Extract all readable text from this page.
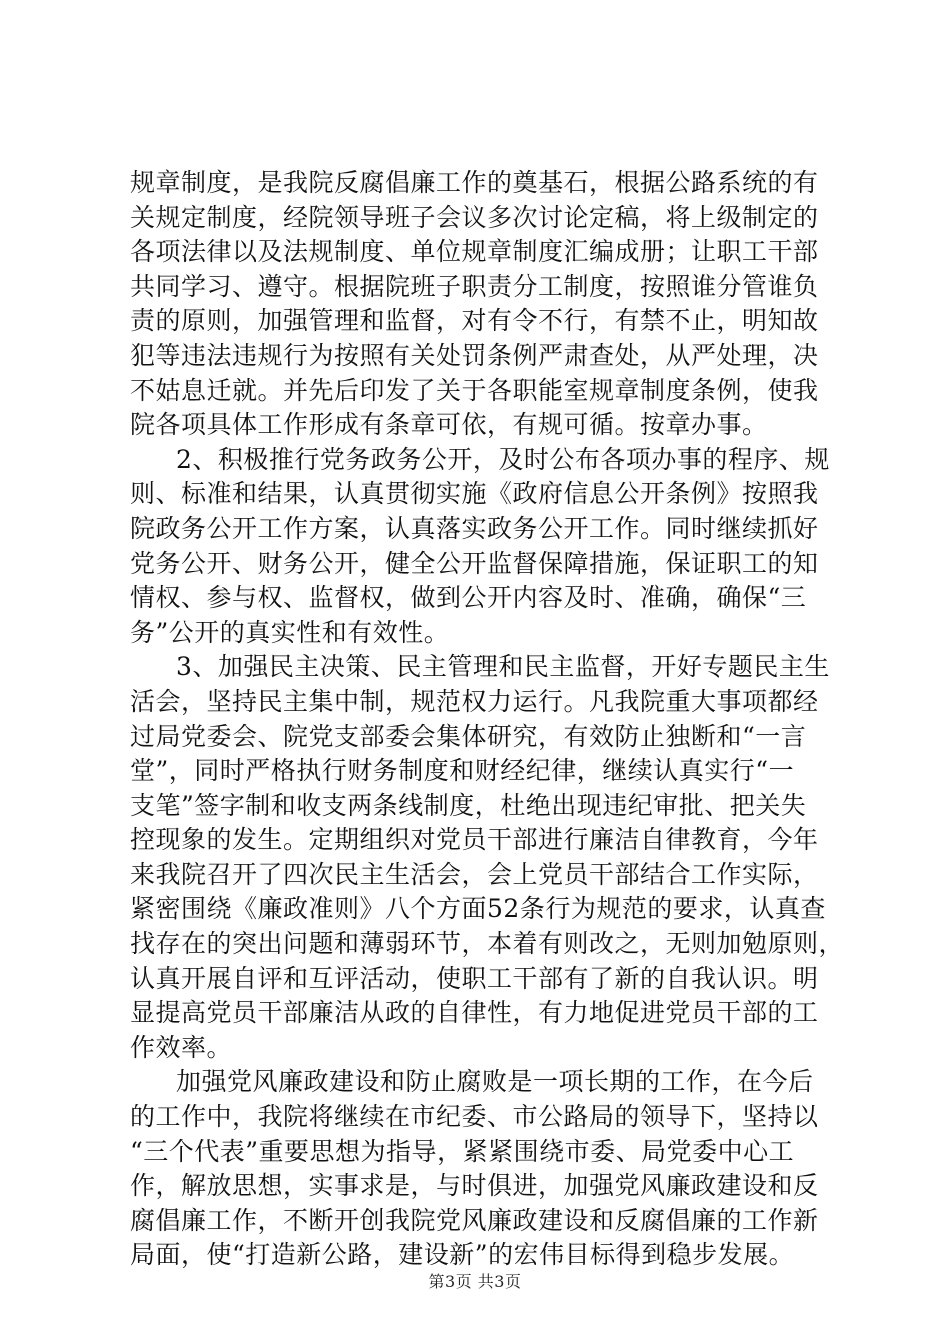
规章制度，是我院反腐倡廉工作的奠基石，根据公路系统的有
关规定制度，经院领导班子会议多次讨论定稿，将上级制定的
各项法律以及法规制度、单位规章制度汇编成册；让职工干部
共同学习、遵守。根据院班子职责分工制度，按照谁分管谁负
责的原则，加强管理和监督，对有令不行，有禁不止，明知故
犯等违法违规行为按照有关处罚条例严肃查处，从严处理，决
不姑息迁就。并先后印发了关于各职能室规章制度条例，使我
院各项具体工作形成有条章可依，有规可循。按章办事。
2、积极推行党务政务公开，及时公布各项办事的程序、规
则、标准和结果，认真贯彻实施《政府信息公开条例》按照我
院政务公开工作方案，认真落实政务公开工作。同时继续抓好
党务公开、财务公开，健全公开监督保障措施，保证职工的知
情权、参与权、监督权，做到公开内容及时、准确，确保“三
务”公开的真实性和有效性。
3、加强民主决策、民主管理和民主监督，开好专题民主生
活会，坚持民主集中制，规范权力运行。凡我院重大事项都经
过局党委会、院党支部委会集体研究，有效防止独断和“一言
堂”，同时严格执行财务制度和财经纪律，继续认真实行“一
支笔”签字制和收支两条线制度，杜绝出现违纪审批、把关失
控现象的发生。定期组织对党员干部进行廉洁自律教育，今年
来我院召开了四次民主生活会，会上党员干部结合工作实际，
紧密围绕《廉政准则》八个方面52条行为规范的要求，认真查
找存在的突出问题和薄弱环节，本着有则改之，无则加勉原则，
认真开展自评和互评活动，使职工干部有了新的自我认识。明
显提高党员干部廉洁从政的自律性，有力地促进党员干部的工
作效率。
加强党风廉政建设和防止腐败是一项长期的工作，在今后
的工作中，我院将继续在市纪委、市公路局的领导下，坚持以
“三个代表”重要思想为指导，紧紧围绕市委、局党委中心工
作，解放思想，实事求是，与时俱进，加强党风廉政建设和反
腐倡廉工作，不断开创我院党风廉政建设和反腐倡廉的工作新
局面，使“打造新公路，建设新”的宏伟目标得到稳步发展。
第3页 共3页
